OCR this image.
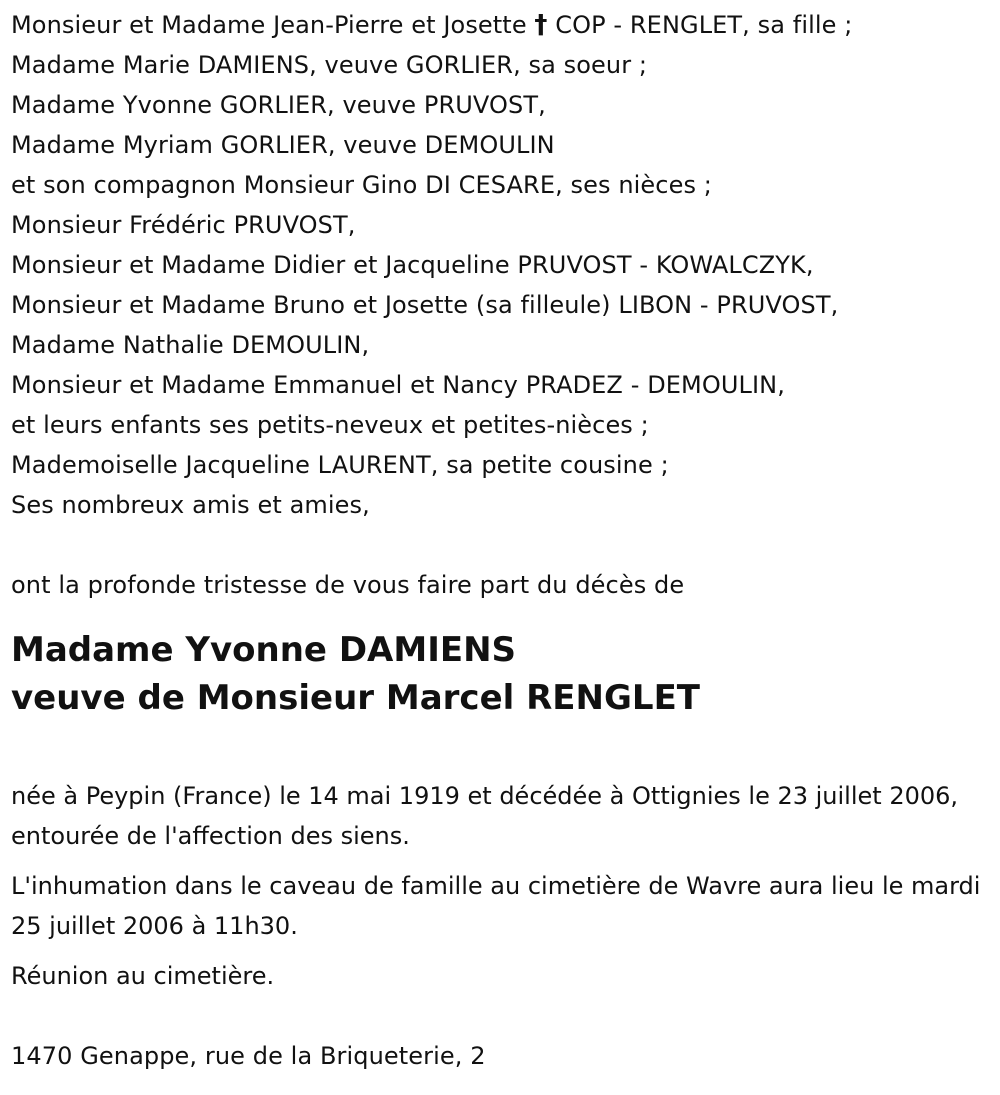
Monsieur et Madame Jean-Pierre et Josette † COP - RENGLET, sa fille ;
Madame Marie DAMIENS, veuve GORLIER, sa soeur ;
Madame Yvonne GORLIER, veuve PRUVOST,
Madame Myriam GORLIER, veuve DEMOULIN
et son compagnon Monsieur Gino DI CESARE, ses nièces ;
Monsieur Frédéric PRUVOST,
Monsieur et Madame Didier et Jacqueline PRUVOST - KOWALCZYK,
Monsieur et Madame Bruno et Josette (sa filleule) LIBON - PRUVOST,
Madame Nathalie DEMOULIN,
Monsieur et Madame Emmanuel et Nancy PRADEZ - DEMOULIN,
et leurs enfants ses petits-neveux et petites-nièces ;
Mademoiselle Jacqueline LAURENT, sa petite cousine ;
Ses nombreux amis et amies,
ont la profonde tristesse de vous faire part du décès de
Madame Yvonne DAMIENS
veuve de Monsieur Marcel RENGLET
née à Peypin (France) le 14 mai 1919 et décédée à Ottignies le 23 juillet 2006, entourée de l'affection des siens.
L'inhumation dans le caveau de famille au cimetière de Wavre aura lieu le mardi 25 juillet 2006 à 11h30.
Réunion au cimetière.
1470 Genappe, rue de la Briqueterie, 2
